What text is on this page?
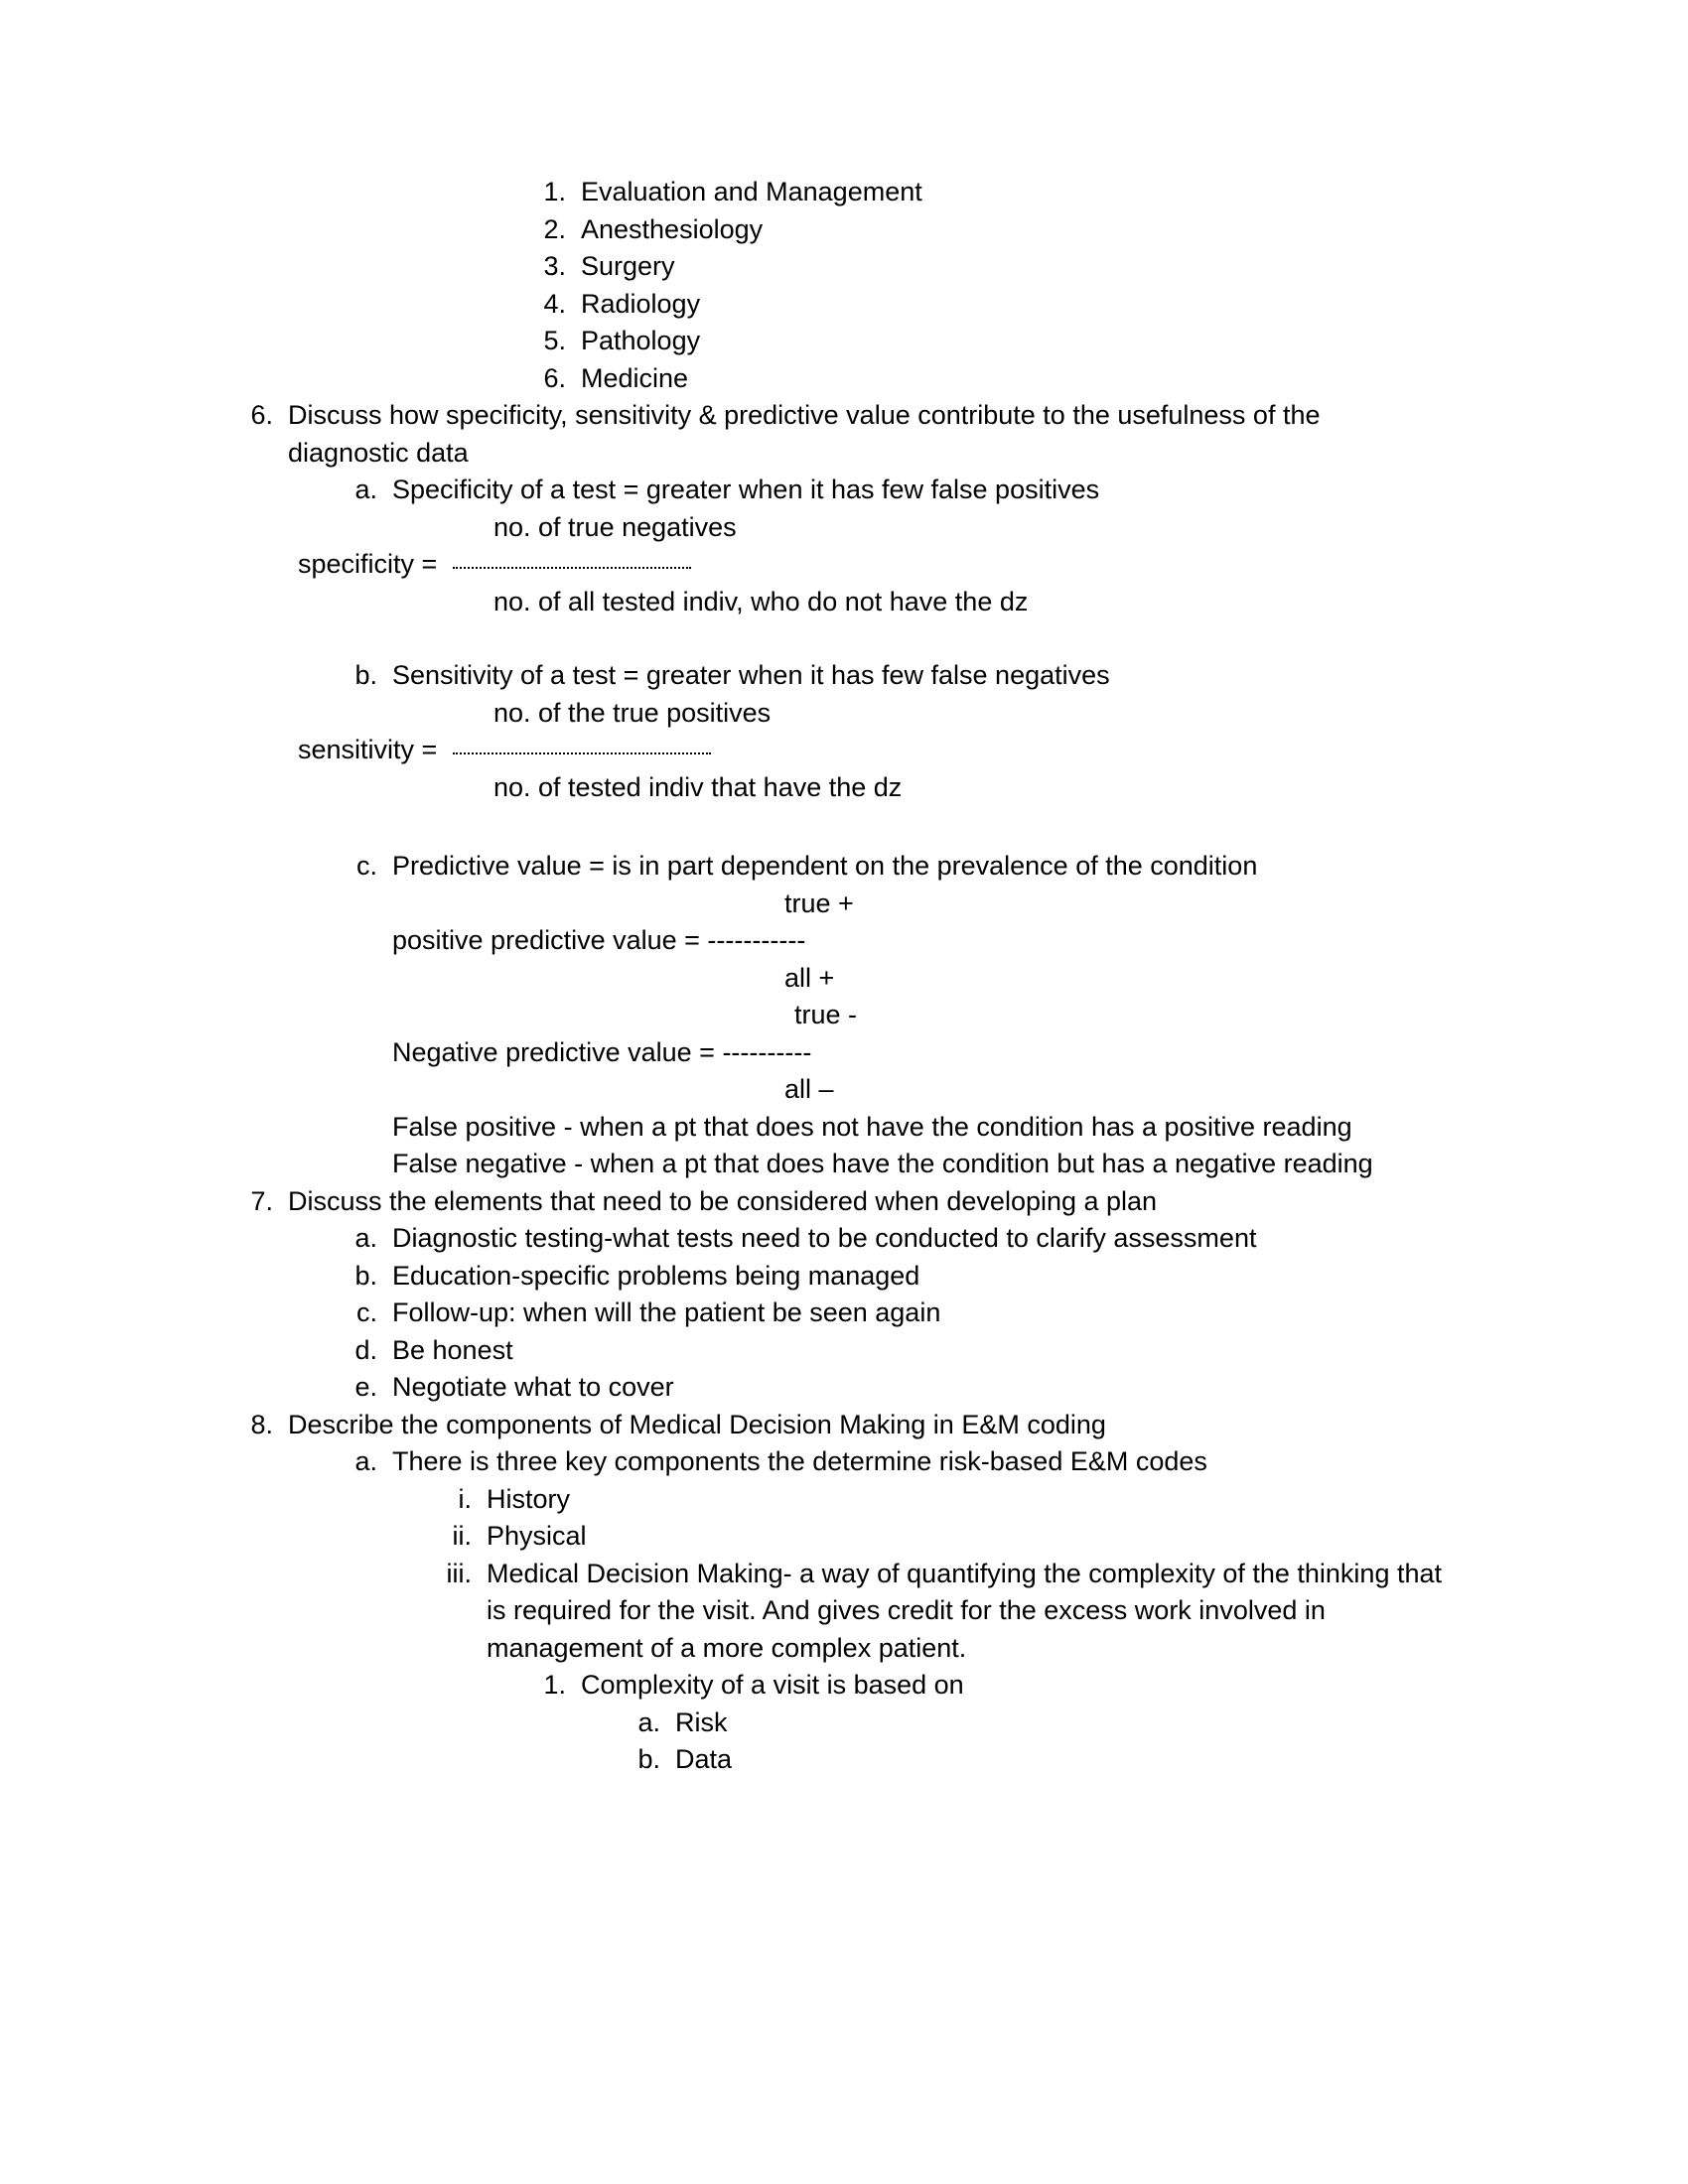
1. Evaluation and Management
2. Anesthesiology
3. Surgery
4. Radiology
5. Pathology
6. Medicine
6. Discuss how specificity, sensitivity & predictive value contribute to the usefulness of the diagnostic data
a. Specificity of a test = greater when it has few false positives
no. of true negatives
specificity =
no. of all tested indiv, who do not have the dz
b. Sensitivity of a test = greater when it has few false negatives
no. of the true positives
sensitivity =
no. of tested indiv that have the dz
c. Predictive value = is in part dependent on the prevalence of the condition
true +
positive predictive value = -----------
all +
true -
Negative predictive value = ----------
all –
False positive - when a pt that does not have the condition has a positive reading
False negative - when a pt that does have the condition but has a negative reading
7. Discuss the elements that need to be considered when developing a plan
a. Diagnostic testing-what tests need to be conducted to clarify assessment
b. Education-specific problems being managed
c. Follow-up: when will the patient be seen again
d. Be honest
e. Negotiate what to cover
8. Describe the components of Medical Decision Making in E&M coding
a. There is three key components the determine risk-based E&M codes
i. History
ii. Physical
iii. Medical Decision Making- a way of quantifying the complexity of the thinking that is required for the visit. And gives credit for the excess work involved in management of a more complex patient.
1. Complexity of a visit is based on
a. Risk
b. Data
